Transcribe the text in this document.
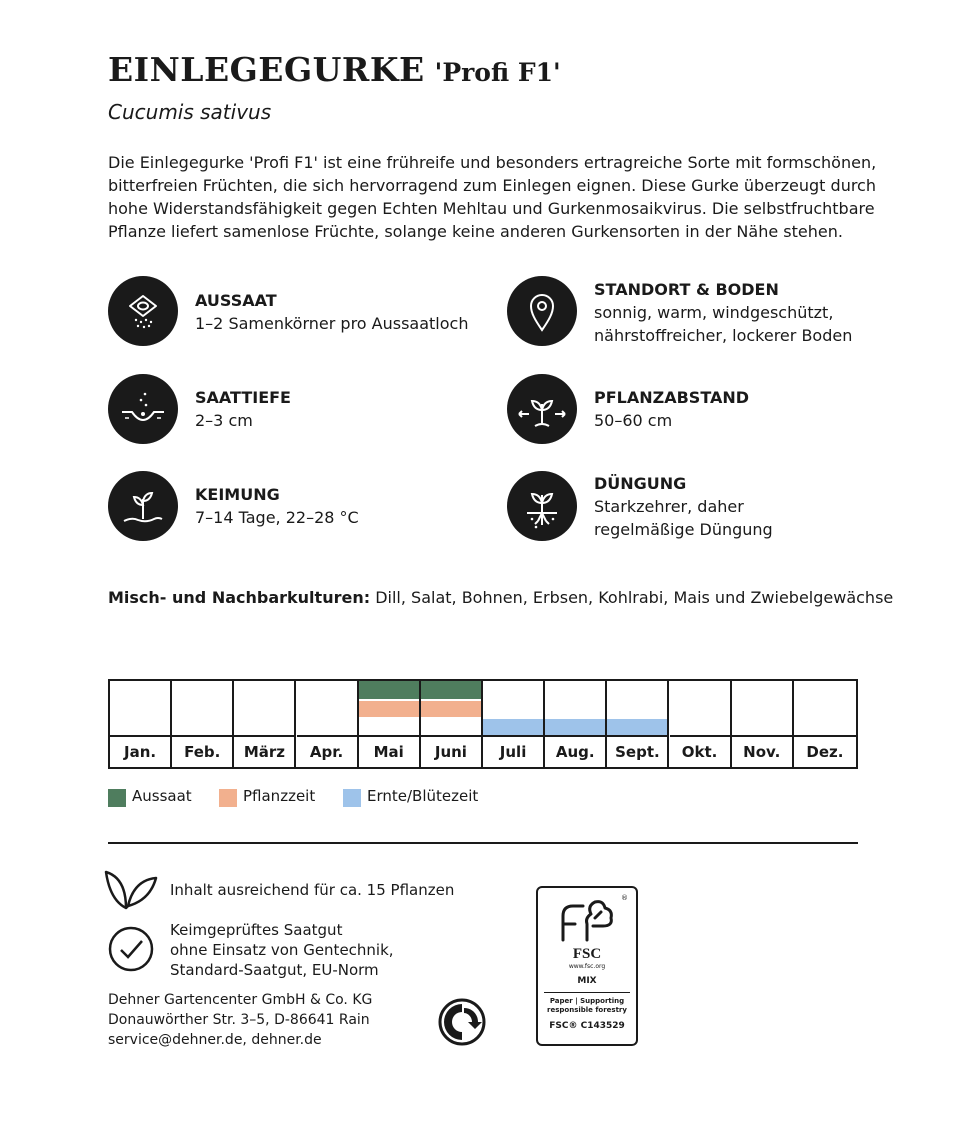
EINLEGEGURKE 'Profi F1'
Cucumis sativus
Die Einlegegurke 'Profi F1' ist eine frühreife und besonders ertragreiche Sorte mit formschönen, bitterfreien Früchten, die sich hervorragend zum Einlegen eignen. Diese Gurke überzeugt durch hohe Widerstandsfähigkeit gegen Echten Mehltau und Gurkenmosaikvirus. Die selbstfruchtbare Pflanze liefert samenlose Früchte, solange keine anderen Gurkensorten in der Nähe stehen.
AUSSAAT
1–2 Samenkörner pro Aussaatloch
SAATTIEFE
2–3 cm
KEIMUNG
7–14 Tage, 22–28 °C
STANDORT & BODEN
sonnig, warm, windgeschützt,
nährstoffreicher, lockerer Boden
PFLANZABSTAND
50–60 cm
DÜNGUNG
Starkzehrer, daher
regelmäßige Düngung
Misch- und Nachbarkulturen: Dill, Salat, Bohnen, Erbsen, Kohlrabi, Mais und Zwiebelgewächse
Jan.	Feb.	März	Apr.	Mai	Juni	Juli	Aug.	Sept.	Okt.	Nov.	Dez.
Aussaat	Pflanzzeit	Ernte/Blütezeit
Inhalt ausreichend für ca. 15 Pflanzen
Keimgeprüftes Saatgut
ohne Einsatz von Gentechnik,
Standard-Saatgut, EU-Norm
Dehner Gartencenter GmbH & Co. KG
Donauwörther Str. 3–5, D-86641 Rain
service@dehner.de, dehner.de
®
FSC
www.fsc.org
MIX
Paper | Supporting
responsible forestry
FSC® C143529
